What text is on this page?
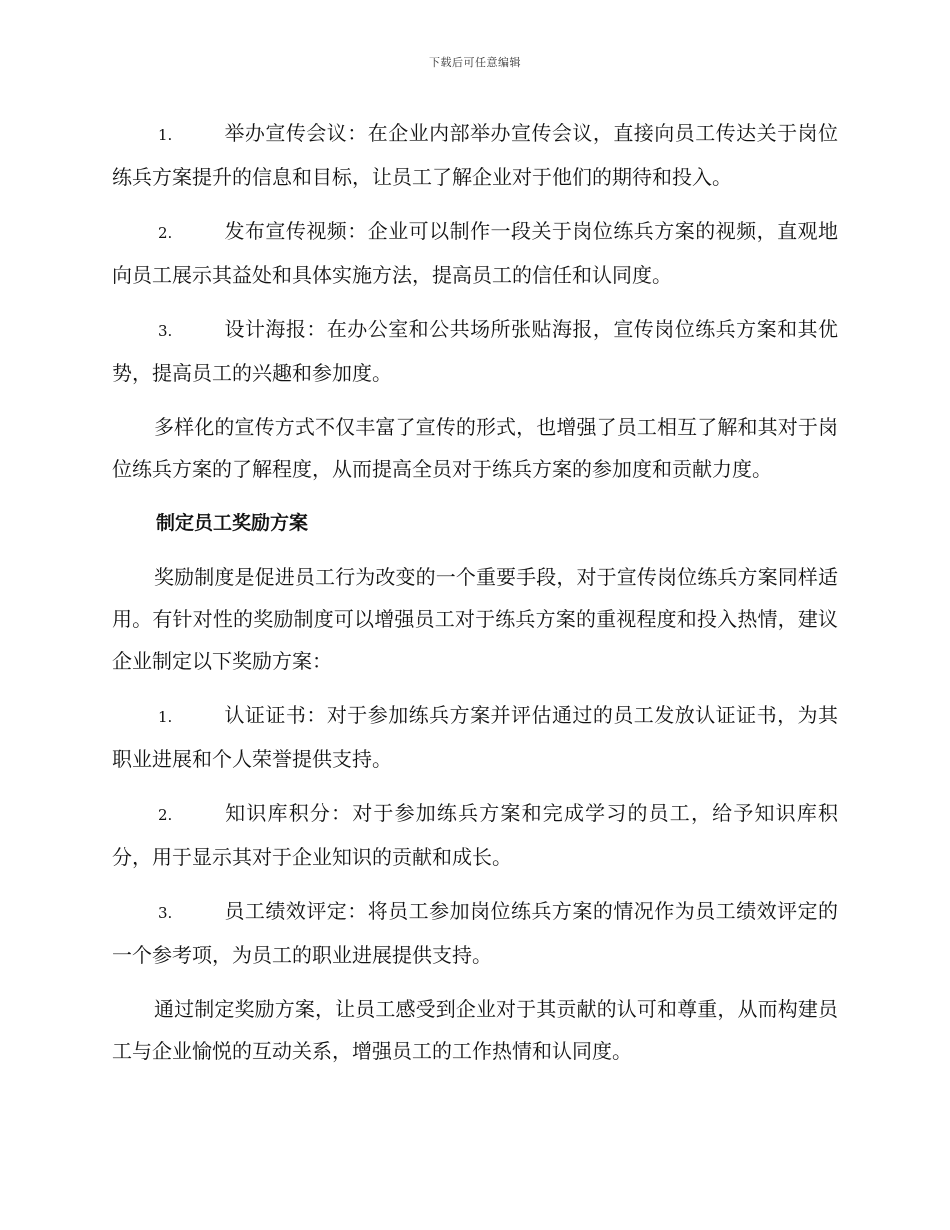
下载后可任意编辑

1.	举办宣传会议：在企业内部举办宣传会议，直接向员工传达关于岗位练兵方案提升的信息和目标，让员工了解企业对于他们的期待和投入。

2.	发布宣传视频：企业可以制作一段关于岗位练兵方案的视频，直观地向员工展示其益处和具体实施方法，提高员工的信任和认同度。

3.	设计海报：在办公室和公共场所张贴海报，宣传岗位练兵方案和其优势，提高员工的兴趣和参加度。

多样化的宣传方式不仅丰富了宣传的形式，也增强了员工相互了解和其对于岗位练兵方案的了解程度，从而提高全员对于练兵方案的参加度和贡献力度。

制定员工奖励方案

奖励制度是促进员工行为改变的一个重要手段，对于宣传岗位练兵方案同样适用。有针对性的奖励制度可以增强员工对于练兵方案的重视程度和投入热情，建议企业制定以下奖励方案：

1.	认证证书：对于参加练兵方案并评估通过的员工发放认证证书，为其职业进展和个人荣誉提供支持。

2.	知识库积分：对于参加练兵方案和完成学习的员工，给予知识库积分，用于显示其对于企业知识的贡献和成长。

3.	员工绩效评定：将员工参加岗位练兵方案的情况作为员工绩效评定的一个参考项，为员工的职业进展提供支持。

通过制定奖励方案，让员工感受到企业对于其贡献的认可和尊重，从而构建员工与企业愉悦的互动关系，增强员工的工作热情和认同度。
